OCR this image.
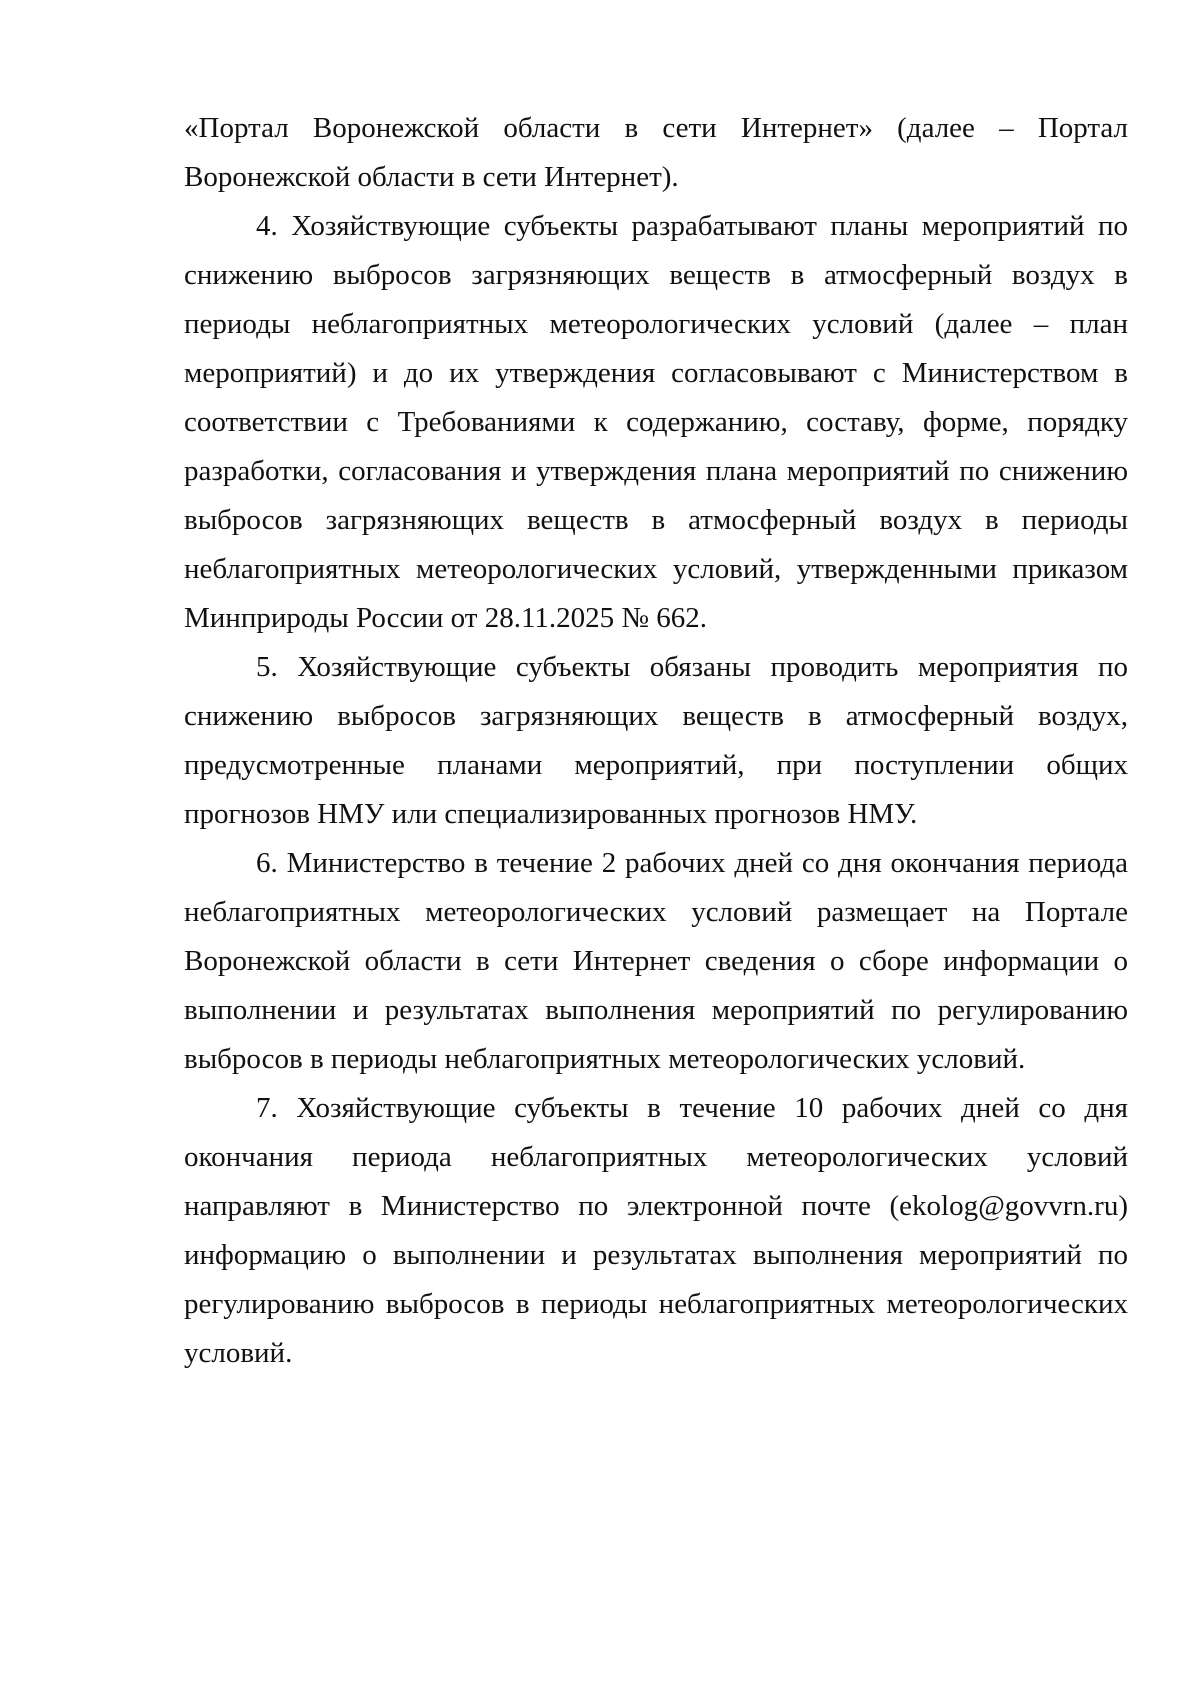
«Портал Воронежской области в сети Интернет» (далее – Портал Воронежской области в сети Интернет).

4. Хозяйствующие субъекты разрабатывают планы мероприятий по снижению выбросов загрязняющих веществ в атмосферный воздух в периоды неблагоприятных метеорологических условий (далее – план мероприятий) и до их утверждения согласовывают с Министерством в соответствии с Требованиями к содержанию, составу, форме, порядку разработки, согласования и утверждения плана мероприятий по снижению выбросов загрязняющих веществ в атмосферный воздух в периоды неблагоприятных метеорологических условий, утвержденными приказом Минприроды России от 28.11.2025 № 662.

5. Хозяйствующие субъекты обязаны проводить мероприятия по снижению выбросов загрязняющих веществ в атмосферный воздух, предусмотренные планами мероприятий, при поступлении общих прогнозов НМУ или специализированных прогнозов НМУ.

6. Министерство в течение 2 рабочих дней со дня окончания периода неблагоприятных метеорологических условий размещает на Портале Воронежской области в сети Интернет сведения о сборе информации о выполнении и результатах выполнения мероприятий по регулированию выбросов в периоды неблагоприятных метеорологических условий.

7. Хозяйствующие субъекты в течение 10 рабочих дней со дня окончания периода неблагоприятных метеорологических условий направляют в Министерство по электронной почте (ekolog@govvrn.ru) информацию о выполнении и результатах выполнения мероприятий по регулированию выбросов в периоды неблагоприятных метеорологических условий.
